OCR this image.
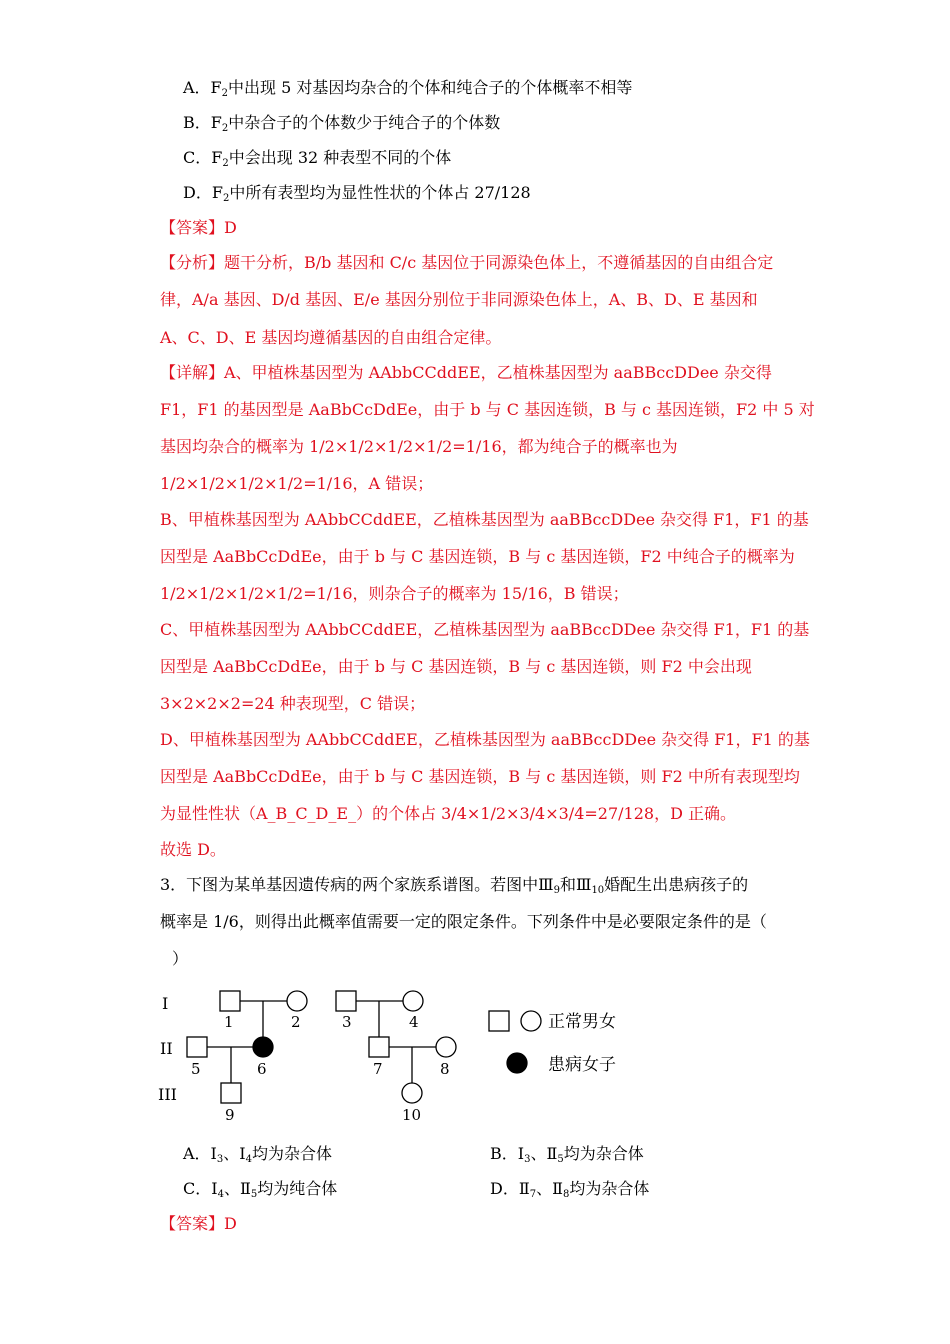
A．$F_2$中出现 5 对基因均杂合的个体和纯合子的个体概率不相等
B．$F_2$中杂合子的个体数少于纯合子的个体数
C．$F_2$中会出现 32 种表型不同的个体
D．$F_2$中所有表型均为显性性状的个体占 27/128
【答案】D
【分析】题干分析，B/b 基因和 C/c 基因位于同源染色体上，不遵循基因的自由组合定
律，A/a 基因、D/d 基因、E/e 基因分别位于非同源染色体上，A、B、D、E 基因和
A、C、D、E 基因均遵循基因的自由组合定律。
【详解】A、甲植株基因型为 AAbbCCddEE，乙植株基因型为 aaBBccDDee 杂交得
F1，F1 的基因型是 AaBbCcDdEe，由于 b 与 C 基因连锁，B 与 c 基因连锁，F2 中 5 对
基因均杂合的概率为 1/2×1/2×1/2×1/2=1/16，都为纯合子的概率也为
1/2×1/2×1/2×1/2=1/16，A 错误；
B、甲植株基因型为 AAbbCCddEE，乙植株基因型为 aaBBccDDee 杂交得 F1，F1 的基
因型是 AaBbCcDdEe，由于 b 与 C 基因连锁，B 与 c 基因连锁，F2 中纯合子的概率为
1/2×1/2×1/2×1/2=1/16，则杂合子的概率为 15/16，B 错误；
C、甲植株基因型为 AAbbCCddEE，乙植株基因型为 aaBBccDDee 杂交得 F1，F1 的基
因型是 AaBbCcDdEe，由于 b 与 C 基因连锁，B 与 c 基因连锁，则 F2 中会出现
3×2×2×2=24 种表现型，C 错误；
D、甲植株基因型为 AAbbCCddEE，乙植株基因型为 aaBBccDDee 杂交得 F1，F1 的基
因型是 AaBbCcDdEe，由于 b 与 C 基因连锁，B 与 c 基因连锁，则 F2 中所有表现型均
为显性性状（A_B_C_D_E_）的个体占 3/4×1/2×3/4×3/4=27/128，D 正确。
故选 D。
3．下图为某单基因遗传病的两个家族系谱图。若图中$Ⅲ_9$和$Ⅲ_{10}$婚配生出患病孩子的
概率是 1/6，则得出此概率值需要一定的限定条件。下列条件中是必要限定条件的是（
）
I
II
III
1	2	3	4
5	6	7	8
9	10
正常男女
患病女子
A．$I_3$、$I_4$均为杂合体	B．$I_3$、$Ⅱ_5$均为杂合体
C．$I_4$、$Ⅱ_5$均为纯合体	D．$Ⅱ_7$、$Ⅱ_8$均为杂合体
【答案】D
